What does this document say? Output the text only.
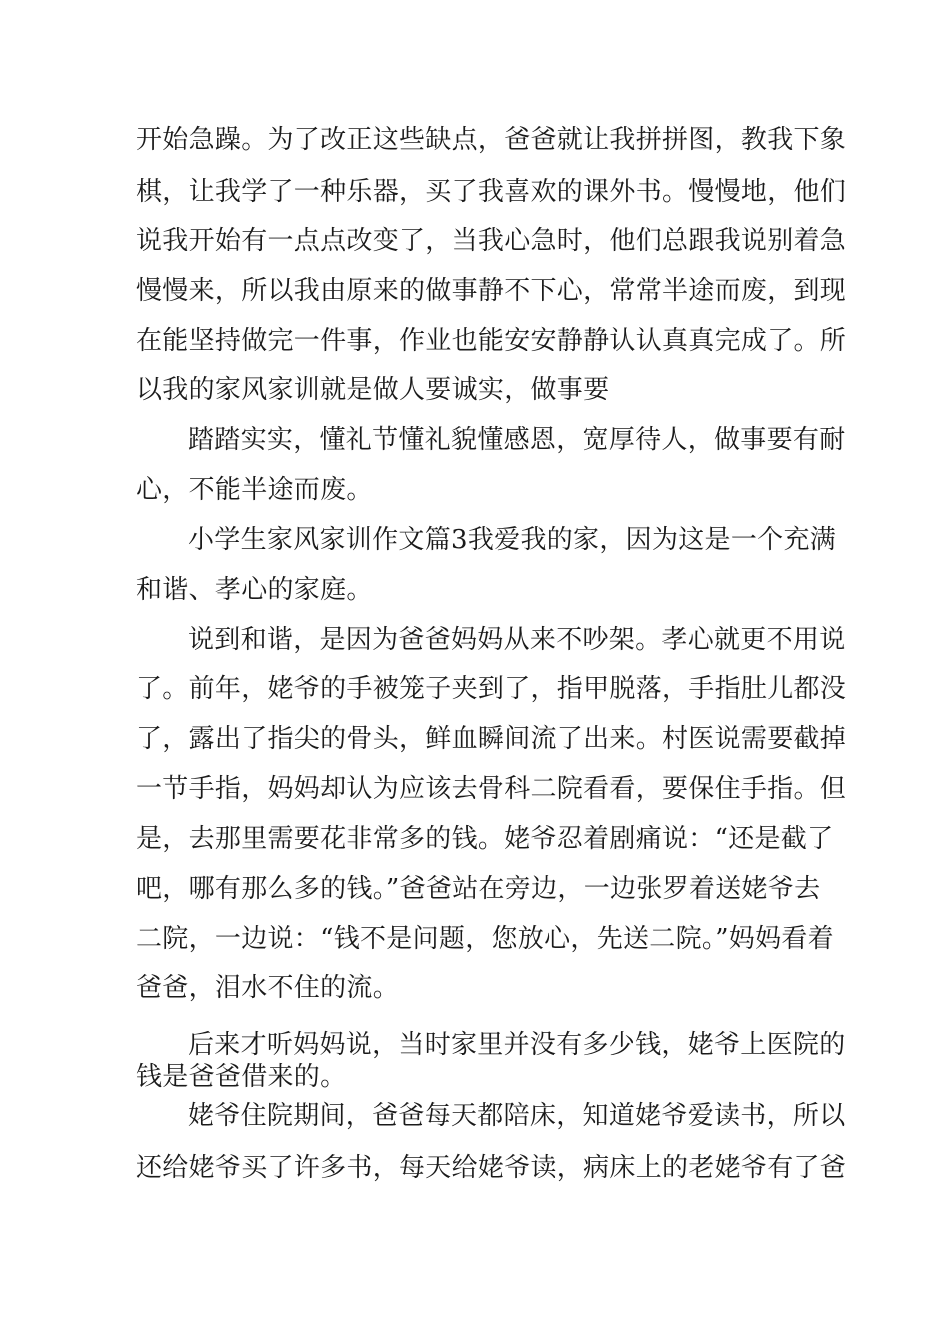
开始急躁。为了改正这些缺点，爸爸就让我拼拼图，教我下象
棋，让我学了一种乐器，买了我喜欢的课外书。慢慢地，他们
说我开始有一点点改变了，当我心急时，他们总跟我说别着急
慢慢来，所以我由原来的做事静不下心，常常半途而废，到现
在能坚持做完一件事，作业也能安安静静认认真真完成了。所
以我的家风家训就是做人要诚实，做事要
踏踏实实，懂礼节懂礼貌懂感恩，宽厚待人，做事要有耐
心，不能半途而废。
小学生家风家训作文篇3我爱我的家，因为这是一个充满
和谐、孝心的家庭。
说到和谐，是因为爸爸妈妈从来不吵架。孝心就更不用说
了。前年，姥爷的手被笼子夹到了，指甲脱落，手指肚儿都没
了，露出了指尖的骨头，鲜血瞬间流了出来。村医说需要截掉
一节手指，妈妈却认为应该去骨科二院看看，要保住手指。但
是，去那里需要花非常多的钱。姥爷忍着剧痛说：“还是截了
吧，哪有那么多的钱。”爸爸站在旁边，一边张罗着送姥爷去
二院，一边说：“钱不是问题，您放心，先送二院。”妈妈看着
爸爸，泪水不住的流。
后来才听妈妈说，当时家里并没有多少钱，姥爷上医院的
钱是爸爸借来的。
姥爷住院期间，爸爸每天都陪床，知道姥爷爱读书，所以
还给姥爷买了许多书，每天给姥爷读，病床上的老姥爷有了爸
